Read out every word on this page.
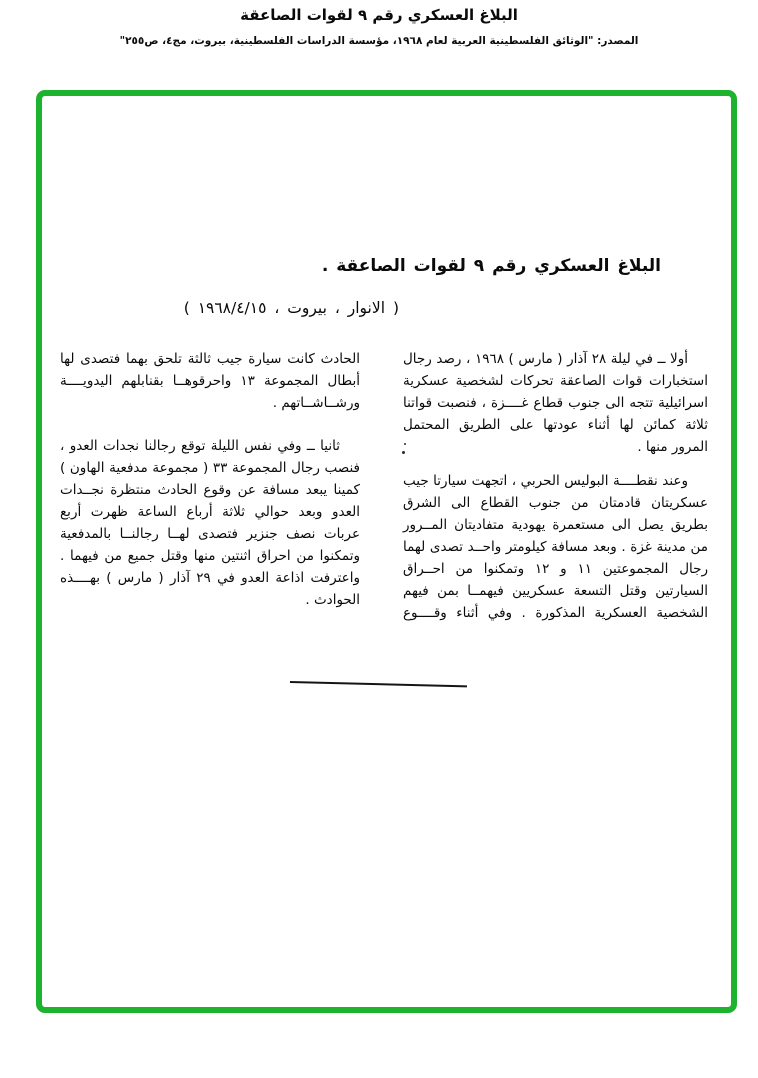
البلاغ العسكري رقم ٩ لقوات الصاعقة
المصدر: "الوثائق الفلسطينية العربية لعام ١٩٦٨، مؤسسة الدراسات الفلسطينية، بيروت، مج٤، ص٢٥٥"
البلاغ العسكري رقم ٩ لقوات الصاعقة .
( الانوار ، بيروت ، ١٩٦٨/٤/١٥ )

أولا ــ في ليلة ٢٨ آذار ( مارس ) ١٩٦٨ ، رصد رجال استخبارات قوات الصاعقة تحركات لشخصية عسكرية اسرائيلية تتجه الى جنوب قطاع غــــزة ، فنصبت قواتنا ثلاثة كمائن لها أثناء عودتها على الطريق المحتمل المرور منها .

وعند نقطــــة البوليس الحربي ، اتجهت سيارتا جيب عسكريتان قادمتان من جنوب القطاع الى الشرق بطريق يصل الى مستعمرة يهودية متفاديتان المــرور من مدينة غزة . وبعد مسافة كيلومتر واحــد تصدى لهما رجال المجموعتين ١١ و ١٢ وتمكنوا من احــراق السيارتين وقتل التسعة عسكريين فيهمــا بمن فيهم الشخصية العسكرية المذكورة . وفي أثناء وقــــوع

الحادث كانت سيارة جيب ثالثة تلحق بهما فتصدى لها أبطال المجموعة ١٣ واحرقوهــا بقنابلهم اليدويــــة ورشــاشــاتهم .

ثانيا ــ وفي نفس الليلة توقع رجالنا نجدات العدو ، فنصب رجال المجموعة ٣٣ ( مجموعة مدفعية الهاون ) كمينا يبعد مسافة عن وقوع الحادث منتظرة نجــدات العدو وبعد حوالي ثلاثة أرباع الساعة ظهرت أربع عربات نصف جنزير فتصدى لهــا رجالنــا بالمدفعية وتمكنوا من احراق اثنتين منها وقتل جميع من فيهما . واعترفت اذاعة العدو في ٢٩ آذار ( مارس ) بهــــذه الحوادث .
